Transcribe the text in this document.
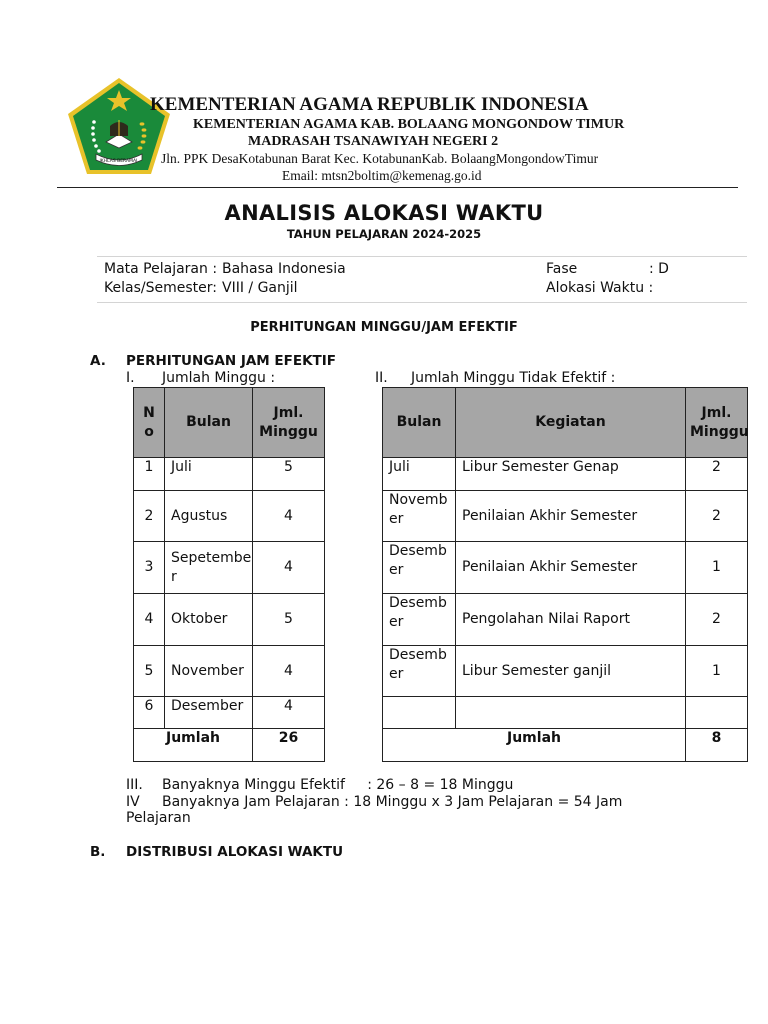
IKHLAS BERAMAL
KEMENTERIAN AGAMA REPUBLIK INDONESIA
KEMENTERIAN AGAMA KAB. BOLAANG MONGONDOW TIMUR
MADRASAH TSANAWIYAH NEGERI 2
Jln. PPK DesaKotabunan Barat Kec. KotabunanKab. BolaangMongondowTimur
Email: mtsn2boltim@kemenag.go.id
ANALISIS ALOKASI WAKTU
TAHUN PELAJARAN 2024-2025
Mata Pelajaran : Bahasa Indonesia
Kelas/Semester: VIII / Ganjil
Fase	: D
Alokasi Waktu :
PERHITUNGAN MINGGU/JAM EFEKTIF
A. PERHITUNGAN JAM EFEKTIF
I. Jumlah Minggu :	II. Jumlah Minggu Tidak Efektif :
N o	Bulan	Jml. Minggu
1	Juli	5
2	Agustus	4
3	Sepetember	4
4	Oktober	5
5	November	4
6	Desember	4
Jumlah		26
Bulan	Kegiatan	Jml. Minggu
Juli	Libur Semester Genap	2
November	Penilaian Akhir Semester	2
Desember	Penilaian Akhir Semester	1
Desember	Pengolahan Nilai Raport	2
Desember	Libur Semester ganjil	1

Jumlah		8
III. Banyaknya Minggu Efektif     : 26 – 8 = 18 Minggu
IV Banyaknya Jam Pelajaran : 18 Minggu x 3 Jam Pelajaran = 54 Jam
Pelajaran
B. DISTRIBUSI ALOKASI WAKTU
